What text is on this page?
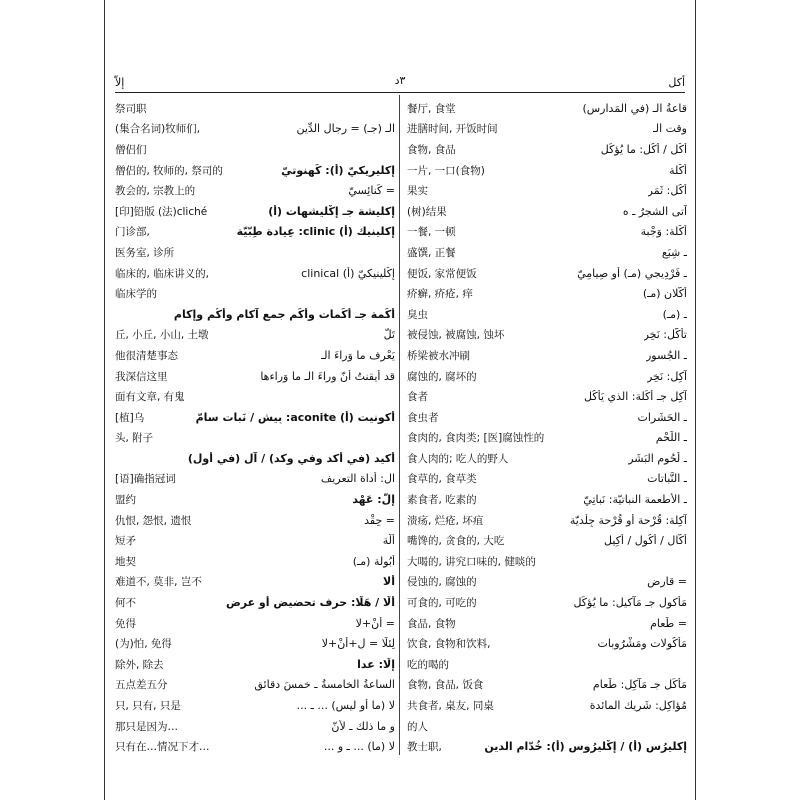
إلاّ	٣د	أكل
祭司职
(集合名词)牧师们,	الـ (جـ) = رجال الدِّين
僧侣们
僧侣的, 牧师的, 祭司的	إكليريكيّ (أ): كَهنوتيّ
教会的, 宗教上的	= كَنائِسيّ
[印]铅版 (法)cliché	إكليشة جـ إكْليشهات (أ)
门诊部,	إكلينيك (أ) clinic: عِيادة طِبّيّة
医务室, 诊所
临床的, 临床讲义的,	إكْلينيكيّ (أ) clinical
临床学的
أكَمة جـ أكَمات وأكَم جمع آكام وأُكُم وإكام
丘, 小丘, 小山, 土墩	تَلّ
他很清楚事态	يَعْرِف ما وَراءَ الـ
我深信这里	قد أيقنتُ أنّ وراءَ الـ ما وَراءها
面有文章, 有鬼
[植]乌	أكونيت (أ) aconite: بِيش / نَبات سامّ
头, 附子
أكيد (في أكد وفي وكد) / آل (في أول)
[语]确指冠词	ال: أداة التعريف
盟约	إلّ: عَهْد
仇恨, 怨恨, 遗恨	= حِقْد
短矛	أَلَّة
地契	أَبُولة (مـ)
难道不, 莫非, 岂不	ألا
何不	ألّا / هَلّا: حرف تحضيض أو عرض
免得	= أنْ+لا
(为)怕, 免得	لِئلّا = لِ+أنْ+لا
除外, 除去	إلّا: عدا
五点差五分	الساعةُ الخامسةُ ـ خمسَ دقائق
只, 只有, 只是	لا (ما أو ليس) ... ـ ...
那只是因为…	و ما ذلك ـ لأنّ
只有在…情况下才…	لا (ما) ... ـ و ...
餐厅, 食堂	قاعةُ الـ (في المَدارس)
进膳时间, 开饭时间	وقت الـ
食物, 食品	أُكْل / أُكُل: ما يُؤكَل
一片, 一口(食物)	أُكْلة
果实	أُكُل: ثَمَر
(树)结果	آتى الشجرُ ـ ه
一餐, 一顿	أَكْلة: وَجْبة
盛馔, 正餐	ـ شِبَع
便饭, 家常便饭	ـ فَرْدِيجي (مـ) أو صِيامِيّ
疥癣, 疥疮, 痒	أُكَّلان (مـ)
臭虫	ـ (مـ)
被侵蚀, 被腐蚀, 蚀坏	تأكَّل: نَخِر
桥梁被水冲刷	ـ الجُسور
腐蚀的, 腐坏的	آكِل: نَخِر
食者	آكِل جـ أكَلة: الذي يَأكُل
食虫者	ـ الحَشَرات
食肉的, 食肉类; [医]腐蚀性的	ـ اللَّحْم
食人肉的; 吃人的野人	ـ لُحُوم البَشَر
食草的, 食草类	ـ النَّباتات
素食者, 吃素的	ـ الأطعمة النباتيّة: نَباتِيّ
溃疡, 烂疮, 坏疽	آكِلة: قُرْحة أو قُرْحة جِلْديّة
嘴馋的, 贪食的, 大吃	أَكّال / أَكُول / أَكِيل
大喝的, 讲究口味的, 健啖的
侵蚀的, 腐蚀的	= قارِض
可食的, 可吃的	مَأْكول جـ مَآكيل: ما يُؤكَل
食品, 食物	= طَعام
饮食, 食物和饮料,	مَأْكُولات ومَشْرُوبات
吃的喝的
食物, 食品, 饭食	مَأْكَل جـ مَآكِل: طَعام
共食者, 桌友, 同桌	مُؤاكِل: شَرِيك المائدة
的人
教士职,	إكليرُس (أ) / إكْليرُوس (أ): خُدّام الدين
